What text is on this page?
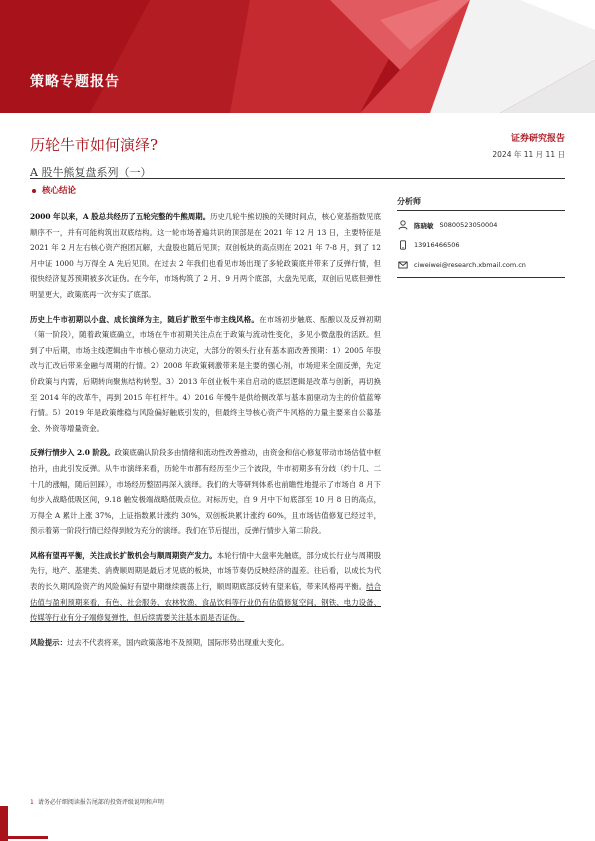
策略专题报告
历轮牛市如何演绎?
A 股牛熊复盘系列（一）
证券研究报告
2024 年 11 月 11 日
核心结论

2000 年以来，A 股总共经历了五轮完整的牛熊周期。历史几轮牛熊切换的关键时间点，核心宽基指数见底顺序不一，并有可能构筑出双底结构。这一轮市场普遍共识的顶部是在 2021 年 12 月 13 日，主要特征是 2021 年 2 月左右核心资产抱团瓦解，大盘股也随后见顶；双创板块的高点则在 2021 年 7-8 月，到了 12 月中证 1000 与万得全 A 先后见顶。在过去 2 年我们也看见市场出现了多轮政策底并带来了反弹行情，但很快经济复苏预期被多次证伪。在今年，市场构筑了 2 月、9 月两个底部，大盘先见底，双创后见底但弹性明显更大，政策底再一次夯实了底部。

历史上牛市初期以小盘、成长演绎为主，随后扩散至牛市主线风格。在市场初步触底、酝酿以及反弹初期（第一阶段），随着政策底确立，市场在牛市初期关注点在于政策与流动性变化，多见小微盘股的活跃。但到了中后期，市场主线逻辑由牛市核心驱动力决定，大部分的领头行业有基本面改善预期：1）2005 年股改与汇改后带来金融与周期的行情。2）2008 年政策刺激带来是主要的强心剂，市场迎来全面反弹，先定价政策与内需，后期转向聚焦结构转型。3）2013 年创业板牛来自启动的底层逻辑是改革与创新，再切换至 2014 年的改革牛，再到 2015 年杠杆牛。4）2016 年慢牛是供给侧改革与基本面驱动为主的价值蓝筹行情。5）2019 年是政策维稳与风险偏好触底引发的，但最终主导核心资产牛风格的力量主要来自公募基金、外资等增量资金。

反弹行情步入 2.0 阶段。政策底确认阶段多由情绪和流动性改善推动，由资金和信心修复带动市场估值中枢抬升，由此引发反弹。从牛市演绎来看，历轮牛市都有经历至少三个波段，牛市初期多有分歧（约十几、二十几的涨幅，随后回踩），市场经历整固再深入演绎。我们的大等研判体系也前瞻性地提示了市场自 8 月下旬步入战略低吸区间，9.18 触发极端战略低吸点位。对标历史，自 9 月中下旬底部至 10 月 8 日的高点，万得全 A 累计上涨 37%，上证指数累计涨约 30%，双创板块累计涨约 60%，且市场估值修复已经过半，预示着第一阶段行情已经得到较为充分的演绎。我们在节后提出，反弹行情步入第二阶段。

风格有望再平衡，关注成长扩散机会与顺周期资产发力。本轮行情中大盘率先触底，部分成长行业与周期股先行，地产、基建类、消费顺周期是最后才见底的板块，市场节奏仍反映经济的温差。往后看，以成长为代表的长久期风险资产的风险偏好有望中期继续震荡上行，顺周期底部反转有望来临，带来风格再平衡。结合估值与盈利预期来看，有色、社会服务、农林牧渔、食品饮料等行业仍有估值修复空间，钢铁、电力设备、传媒等行业有分子端修复弹性，但后续需要关注基本面是否证伪。

风险提示：过去不代表将来，国内政策落地不及预期，国际形势出现重大变化。

分析师
陈晓敏 S0800523050004
13916466506
ciweiwei@research.xbmail.com.cn
1 请务必仔细阅读报告尾部的投资评级说明和声明
